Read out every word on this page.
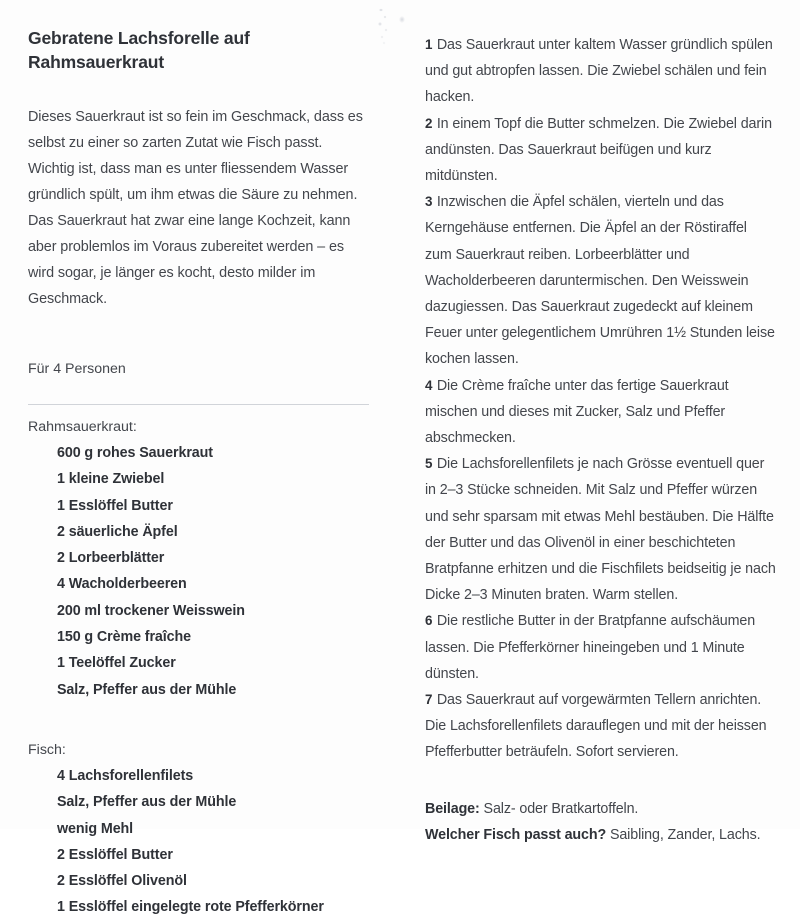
Gebratene Lachsforelle auf
Rahmsauerkraut

Dieses Sauerkraut ist so fein im Geschmack, dass es selbst zu einer so zarten Zutat wie Fisch passt. Wichtig ist, dass man es unter fliessendem Wasser gründlich spült, um ihm etwas die Säure zu nehmen. Das Sauerkraut hat zwar eine lange Kochzeit, kann aber problemlos im Voraus zubereitet werden – es wird sogar, je länger es kocht, desto milder im Geschmack.

Für 4 Personen

Rahmsauerkraut:

600 g rohes Sauerkraut
1 kleine Zwiebel
1 Esslöffel Butter
2 säuerliche Äpfel
2 Lorbeerblätter
4 Wacholderbeeren
200 ml trockener Weisswein
150 g Crème fraîche
1 Teelöffel Zucker
Salz, Pfeffer aus der Mühle

Fisch:

4 Lachsforellenfilets
Salz, Pfeffer aus der Mühle
wenig Mehl
2 Esslöffel Butter
2 Esslöffel Olivenöl
1 Esslöffel eingelegte rote Pfefferkörner
1 Das Sauerkraut unter kaltem Wasser gründlich spülen und gut abtropfen lassen. Die Zwiebel schälen und fein hacken.
2 In einem Topf die Butter schmelzen. Die Zwiebel darin andünsten. Das Sauerkraut beifügen und kurz mitdünsten.
3 Inzwischen die Äpfel schälen, vierteln und das Kerngehäuse entfernen. Die Äpfel an der Röstiraffel zum Sauerkraut reiben. Lorbeerblätter und Wacholderbeeren daruntermischen. Den Weisswein dazugiessen. Das Sauerkraut zugedeckt auf kleinem Feuer unter gelegentlichem Umrühren 1½ Stunden leise kochen lassen.
4 Die Crème fraîche unter das fertige Sauerkraut mischen und dieses mit Zucker, Salz und Pfeffer abschmecken.
5 Die Lachsforellenfilets je nach Grösse eventuell quer in 2–3 Stücke schneiden. Mit Salz und Pfeffer würzen und sehr sparsam mit etwas Mehl bestäuben. Die Hälfte der Butter und das Olivenöl in einer beschichteten Bratpfanne erhitzen und die Fischfilets beidseitig je nach Dicke 2–3 Minuten braten. Warm stellen.
6 Die restliche Butter in der Bratpfanne aufschäumen lassen. Die Pfefferkörner hineingeben und 1 Minute dünsten.
7 Das Sauerkraut auf vorgewärmten Tellern anrichten. Die Lachsforellenfilets darauflegen und mit der heissen Pfefferbutter beträufeln. Sofort servieren.
Beilage: Salz- oder Bratkartoffeln.
Welcher Fisch passt auch? Saibling, Zander, Lachs.
